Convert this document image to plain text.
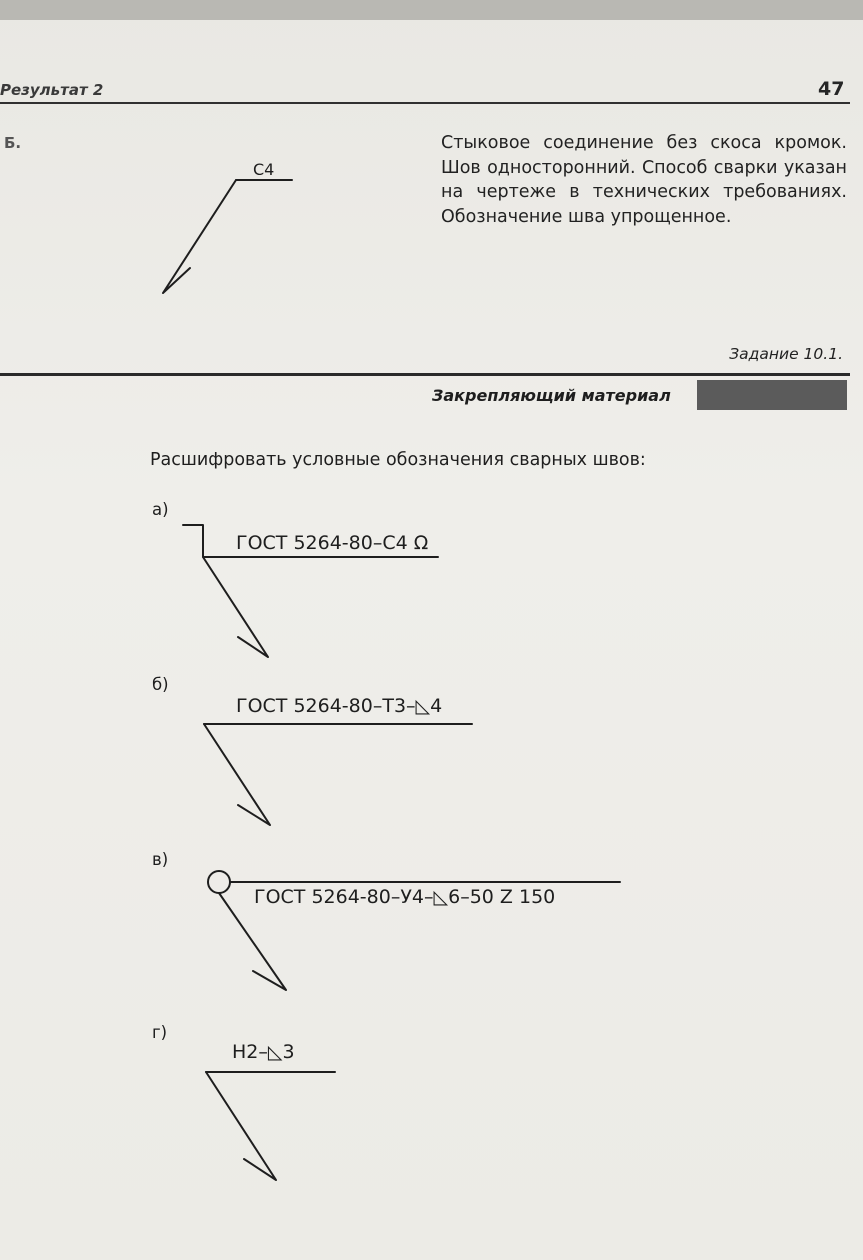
Результат 2	47
Б.
С4
Стыковое соединение без скоса кромок. Шов односторонний. Способ сварки указан на чертеже в технических требованиях. Обозначение шва упрощенное.
Задание 10.1.
Закрепляющий материал
Расшифровать условные обозначения сварных швов:
а)
б)
в)
г)
ГОСТ 5264-80–С4 Ω
ГОСТ 5264-80–Т3–◺4
ГОСТ 5264-80–У4–◺6–50 Z 150
Н2–◺3
